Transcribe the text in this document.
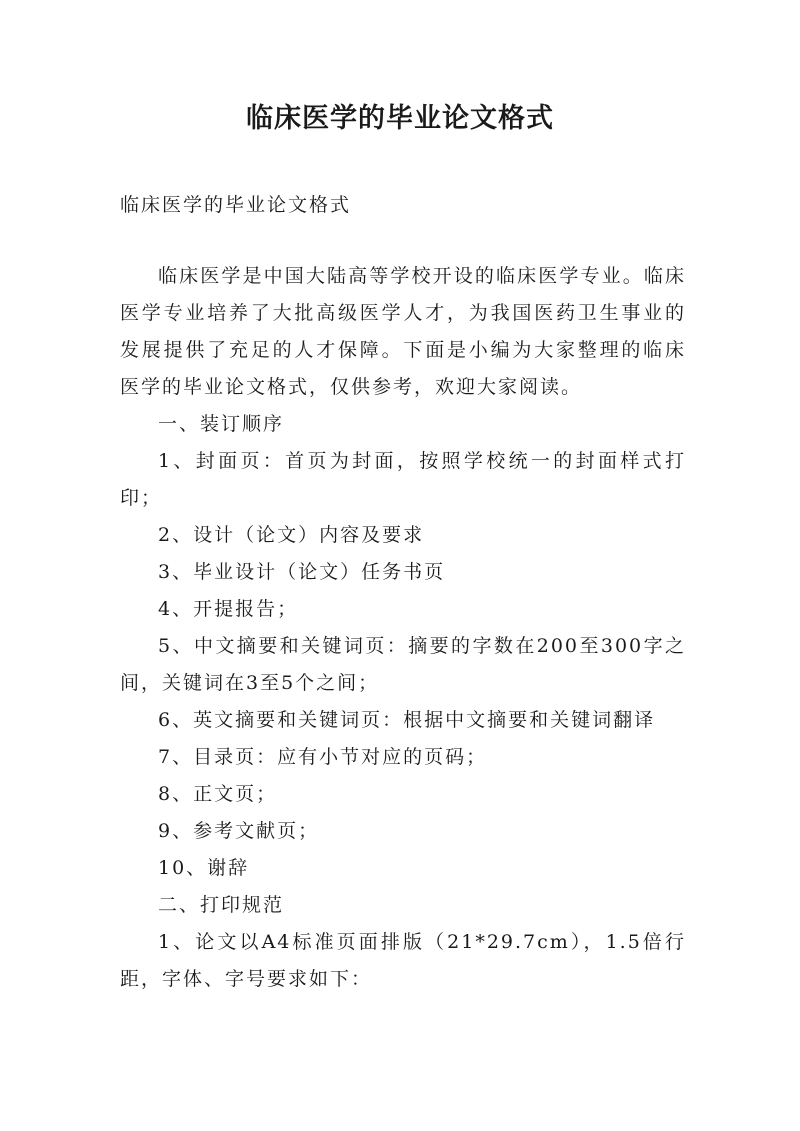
临床医学的毕业论文格式

临床医学的毕业论文格式

临床医学是中国大陆高等学校开设的临床医学专业。临床医学专业培养了大批高级医学人才，为我国医药卫生事业的发展提供了充足的人才保障。下面是小编为大家整理的临床医学的毕业论文格式，仅供参考，欢迎大家阅读。

一、装订顺序

1、封面页：首页为封面，按照学校统一的封面样式打印；

2、设计（论文）内容及要求

3、毕业设计（论文）任务书页

4、开提报告；

5、中文摘要和关键词页：摘要的字数在200至300字之间，关键词在3至5个之间；

6、英文摘要和关键词页：根据中文摘要和关键词翻译

7、目录页：应有小节对应的页码；

8、正文页；

9、参考文献页；

10、谢辞

二、打印规范

1、论文以A4标准页面排版（21*29.7cm），1.5倍行距，字体、字号要求如下：
